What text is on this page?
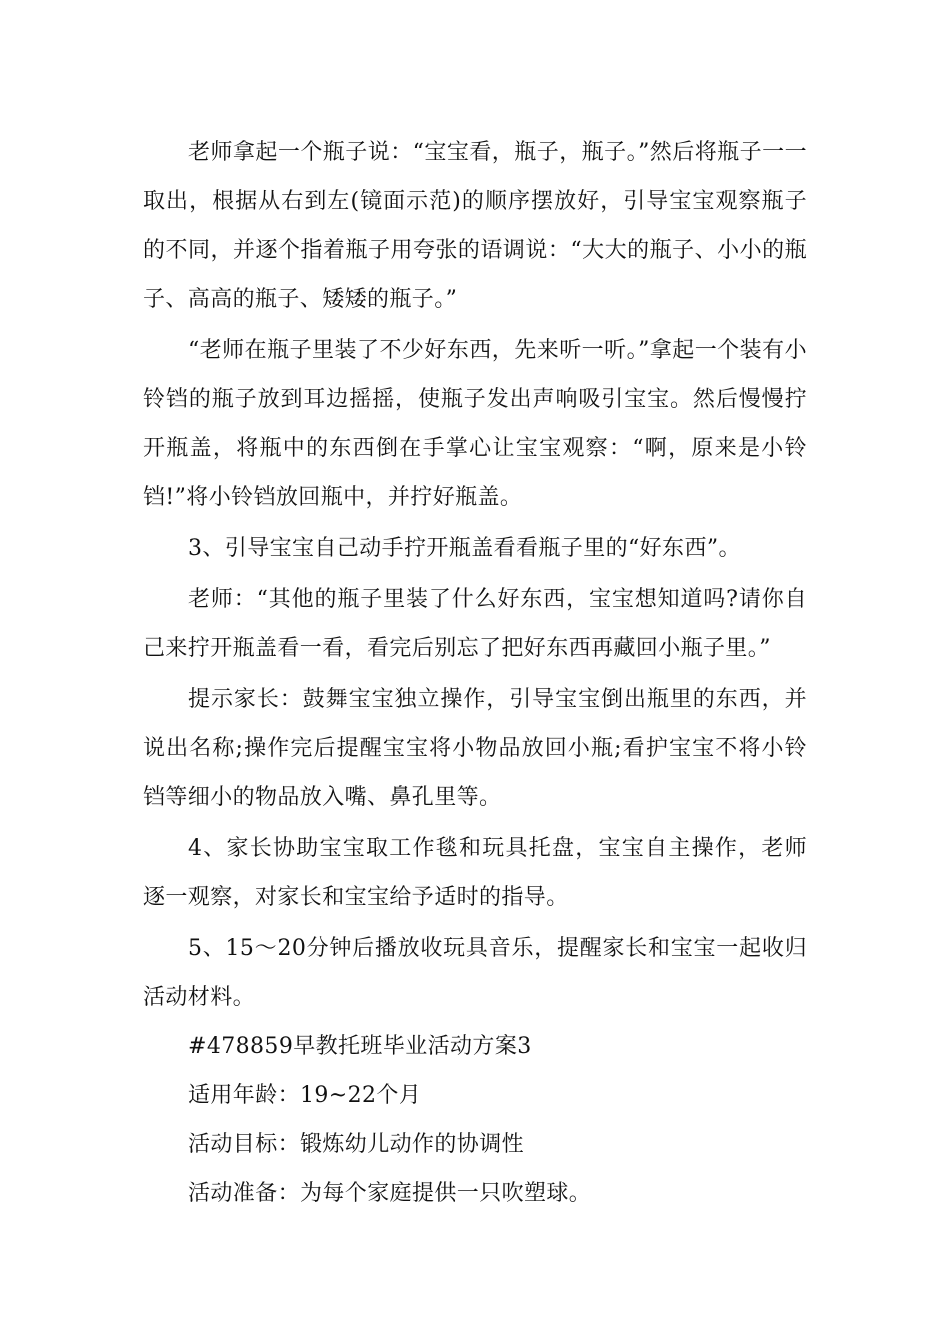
老师拿起一个瓶子说：“宝宝看，瓶子，瓶子。”然后将瓶子一一取出，根据从右到左(镜面示范)的顺序摆放好，引导宝宝观察瓶子的不同，并逐个指着瓶子用夸张的语调说：“大大的瓶子、小小的瓶子、高高的瓶子、矮矮的瓶子。”

“老师在瓶子里装了不少好东西，先来听一听。”拿起一个装有小铃铛的瓶子放到耳边摇摇，使瓶子发出声响吸引宝宝。然后慢慢拧开瓶盖，将瓶中的东西倒在手掌心让宝宝观察：“啊，原来是小铃铛!”将小铃铛放回瓶中，并拧好瓶盖。

3、引导宝宝自己动手拧开瓶盖看看瓶子里的“好东西”。

老师：“其他的瓶子里装了什么好东西，宝宝想知道吗?请你自己来拧开瓶盖看一看，看完后别忘了把好东西再藏回小瓶子里。”

提示家长：鼓舞宝宝独立操作，引导宝宝倒出瓶里的东西，并说出名称;操作完后提醒宝宝将小物品放回小瓶;看护宝宝不将小铃铛等细小的物品放入嘴、鼻孔里等。

4、家长协助宝宝取工作毯和玩具托盘，宝宝自主操作，老师逐一观察，对家长和宝宝给予适时的指导。

5、15～20分钟后播放收玩具音乐，提醒家长和宝宝一起收归活动材料。

#478859早教托班毕业活动方案3

适用年龄：19~22个月

活动目标：锻炼幼儿动作的协调性

活动准备：为每个家庭提供一只吹塑球。
